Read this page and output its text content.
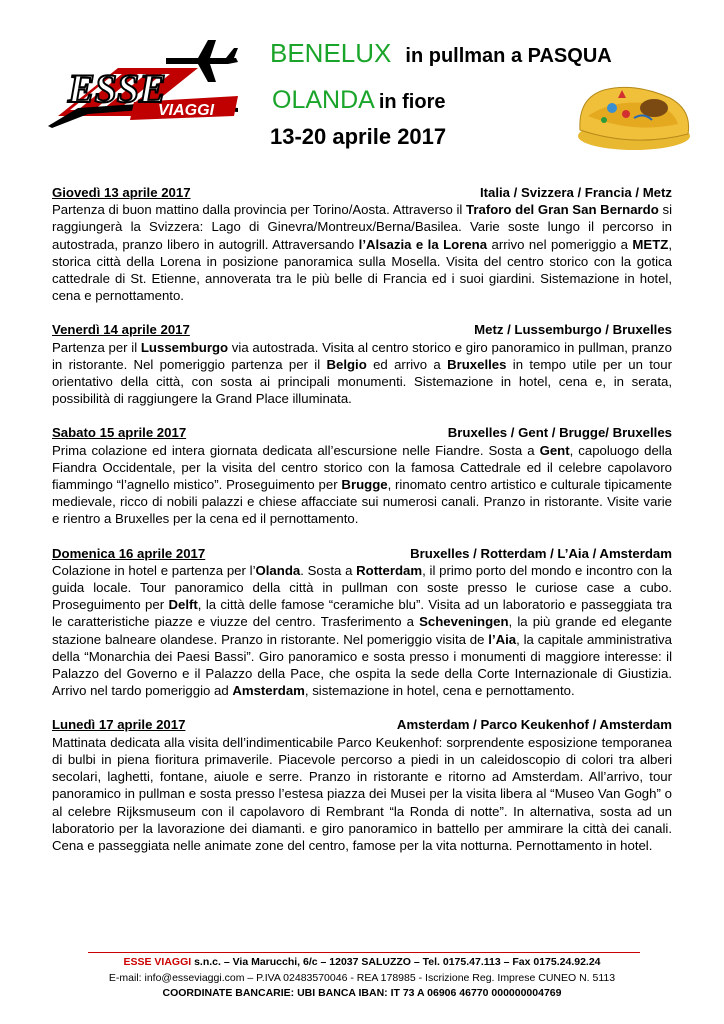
VIAGGI
ESSE
BENELUX in pullman a PASQUA
OLANDA in fiore
13-20 aprile 2017
Giovedì 13 aprile 2017	Italia / Svizzera / Francia / Metz
Partenza di buon mattino dalla provincia per Torino/Aosta. Attraverso il Traforo del Gran San Bernardo si raggiungerà la Svizzera: Lago di Ginevra/Montreux/Berna/Basilea. Varie soste lungo il percorso in autostrada, pranzo libero in autogrill. Attraversando l’Alsazia e la Lorena arrivo nel pomeriggio a METZ, storica città della Lorena in posizione panoramica sulla Mosella. Visita del centro storico con la gotica cattedrale di St. Etienne, annoverata tra le più belle di Francia ed i suoi giardini. Sistemazione in hotel, cena e pernottamento.
Venerdì 14 aprile 2017	Metz / Lussemburgo / Bruxelles
Partenza per il Lussemburgo via autostrada. Visita al centro storico e giro panoramico in pullman, pranzo in ristorante. Nel pomeriggio partenza per il Belgio ed arrivo a Bruxelles in tempo utile per un tour orientativo della città, con sosta ai principali monumenti. Sistemazione in hotel, cena e, in serata, possibilità di raggiungere la Grand Place illuminata.
Sabato 15 aprile 2017	Bruxelles / Gent / Brugge/ Bruxelles
Prima colazione ed intera giornata dedicata all’escursione nelle Fiandre. Sosta a Gent, capoluogo della Fiandra Occidentale, per la visita del centro storico con la famosa Cattedrale ed il celebre capolavoro fiammingo “l’agnello mistico”. Proseguimento per Brugge, rinomato centro artistico e culturale tipicamente medievale, ricco di nobili palazzi e chiese affacciate sui numerosi canali. Pranzo in ristorante. Visite varie e rientro a Bruxelles per la cena ed il pernottamento.
Domenica 16 aprile 2017	Bruxelles / Rotterdam / L’Aia / Amsterdam
Colazione in hotel e partenza per l’Olanda. Sosta a Rotterdam, il primo porto del mondo e incontro con la guida locale. Tour panoramico della città in pullman con soste presso le curiose case a cubo. Proseguimento per Delft, la città delle famose “ceramiche blu”. Visita ad un laboratorio e passeggiata tra le caratteristiche piazze e viuzze del centro. Trasferimento a Scheveningen, la più grande ed elegante stazione balneare olandese. Pranzo in ristorante. Nel pomeriggio visita de l’Aia, la capitale amministrativa della “Monarchia dei Paesi Bassi”. Giro panoramico e sosta presso i monumenti di maggiore interesse: il Palazzo del Governo e il Palazzo della Pace, che ospita la sede della Corte Internazionale di Giustizia. Arrivo nel tardo pomeriggio ad Amsterdam, sistemazione in hotel, cena e pernottamento.
Lunedì 17 aprile 2017	Amsterdam / Parco Keukenhof / Amsterdam
Mattinata dedicata alla visita dell’indimenticabile Parco Keukenhof: sorprendente esposizione temporanea di bulbi in piena fioritura primaverile. Piacevole percorso a piedi in un caleidoscopio di colori tra alberi secolari, laghetti, fontane, aiuole e serre. Pranzo in ristorante e ritorno ad Amsterdam. All’arrivo, tour panoramico in pullman e sosta presso l’estesa piazza dei Musei per la visita libera al “Museo Van Gogh” o al celebre Rijksmuseum con il capolavoro di Rembrant “la Ronda di notte”. In alternativa, sosta ad un laboratorio per la lavorazione dei diamanti. e giro panoramico in battello per ammirare la città dei canali. Cena e passeggiata nelle animate zone del centro, famose per la vita notturna. Pernottamento in hotel.
ESSE VIAGGI s.n.c. – Via Marucchi, 6/c – 12037 SALUZZO – Tel. 0175.47.113 – Fax 0175.24.92.24
E-mail: info@esseviaggi.com – P.IVA 02483570046 - REA 178985 - Iscrizione Reg. Imprese CUNEO N. 5113
COORDINATE BANCARIE: UBI BANCA IBAN: IT 73 A 06906 46770 000000004769
